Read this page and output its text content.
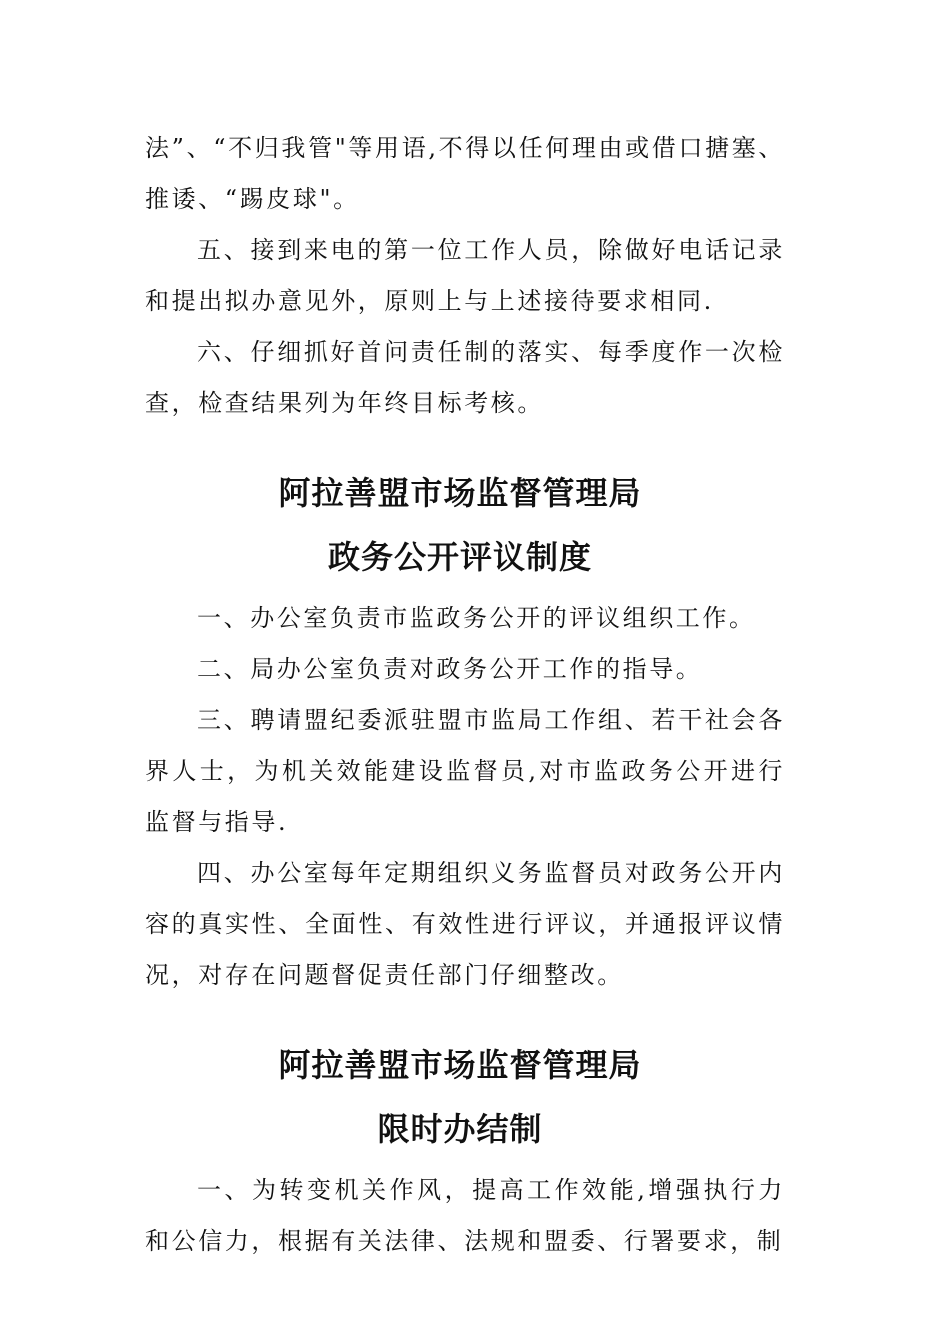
法”、“不归我管"等用语,不得以任何理由或借口搪塞、推诿、“踢皮球"。

五、接到来电的第一位工作人员，除做好电话记录和提出拟办意见外，原则上与上述接待要求相同.

六、仔细抓好首问责任制的落实、每季度作一次检查，检查结果列为年终目标考核。

阿拉善盟市场监督管理局
政务公开评议制度

一、办公室负责市监政务公开的评议组织工作。

二、局办公室负责对政务公开工作的指导。

三、聘请盟纪委派驻盟市监局工作组、若干社会各界人士，为机关效能建设监督员,对市监政务公开进行监督与指导.

四、办公室每年定期组织义务监督员对政务公开内容的真实性、全面性、有效性进行评议，并通报评议情况，对存在问题督促责任部门仔细整改。

阿拉善盟市场监督管理局
限时办结制

一、为转变机关作风，提高工作效能,增强执行力和公信力，根据有关法律、法规和盟委、行署要求，制
